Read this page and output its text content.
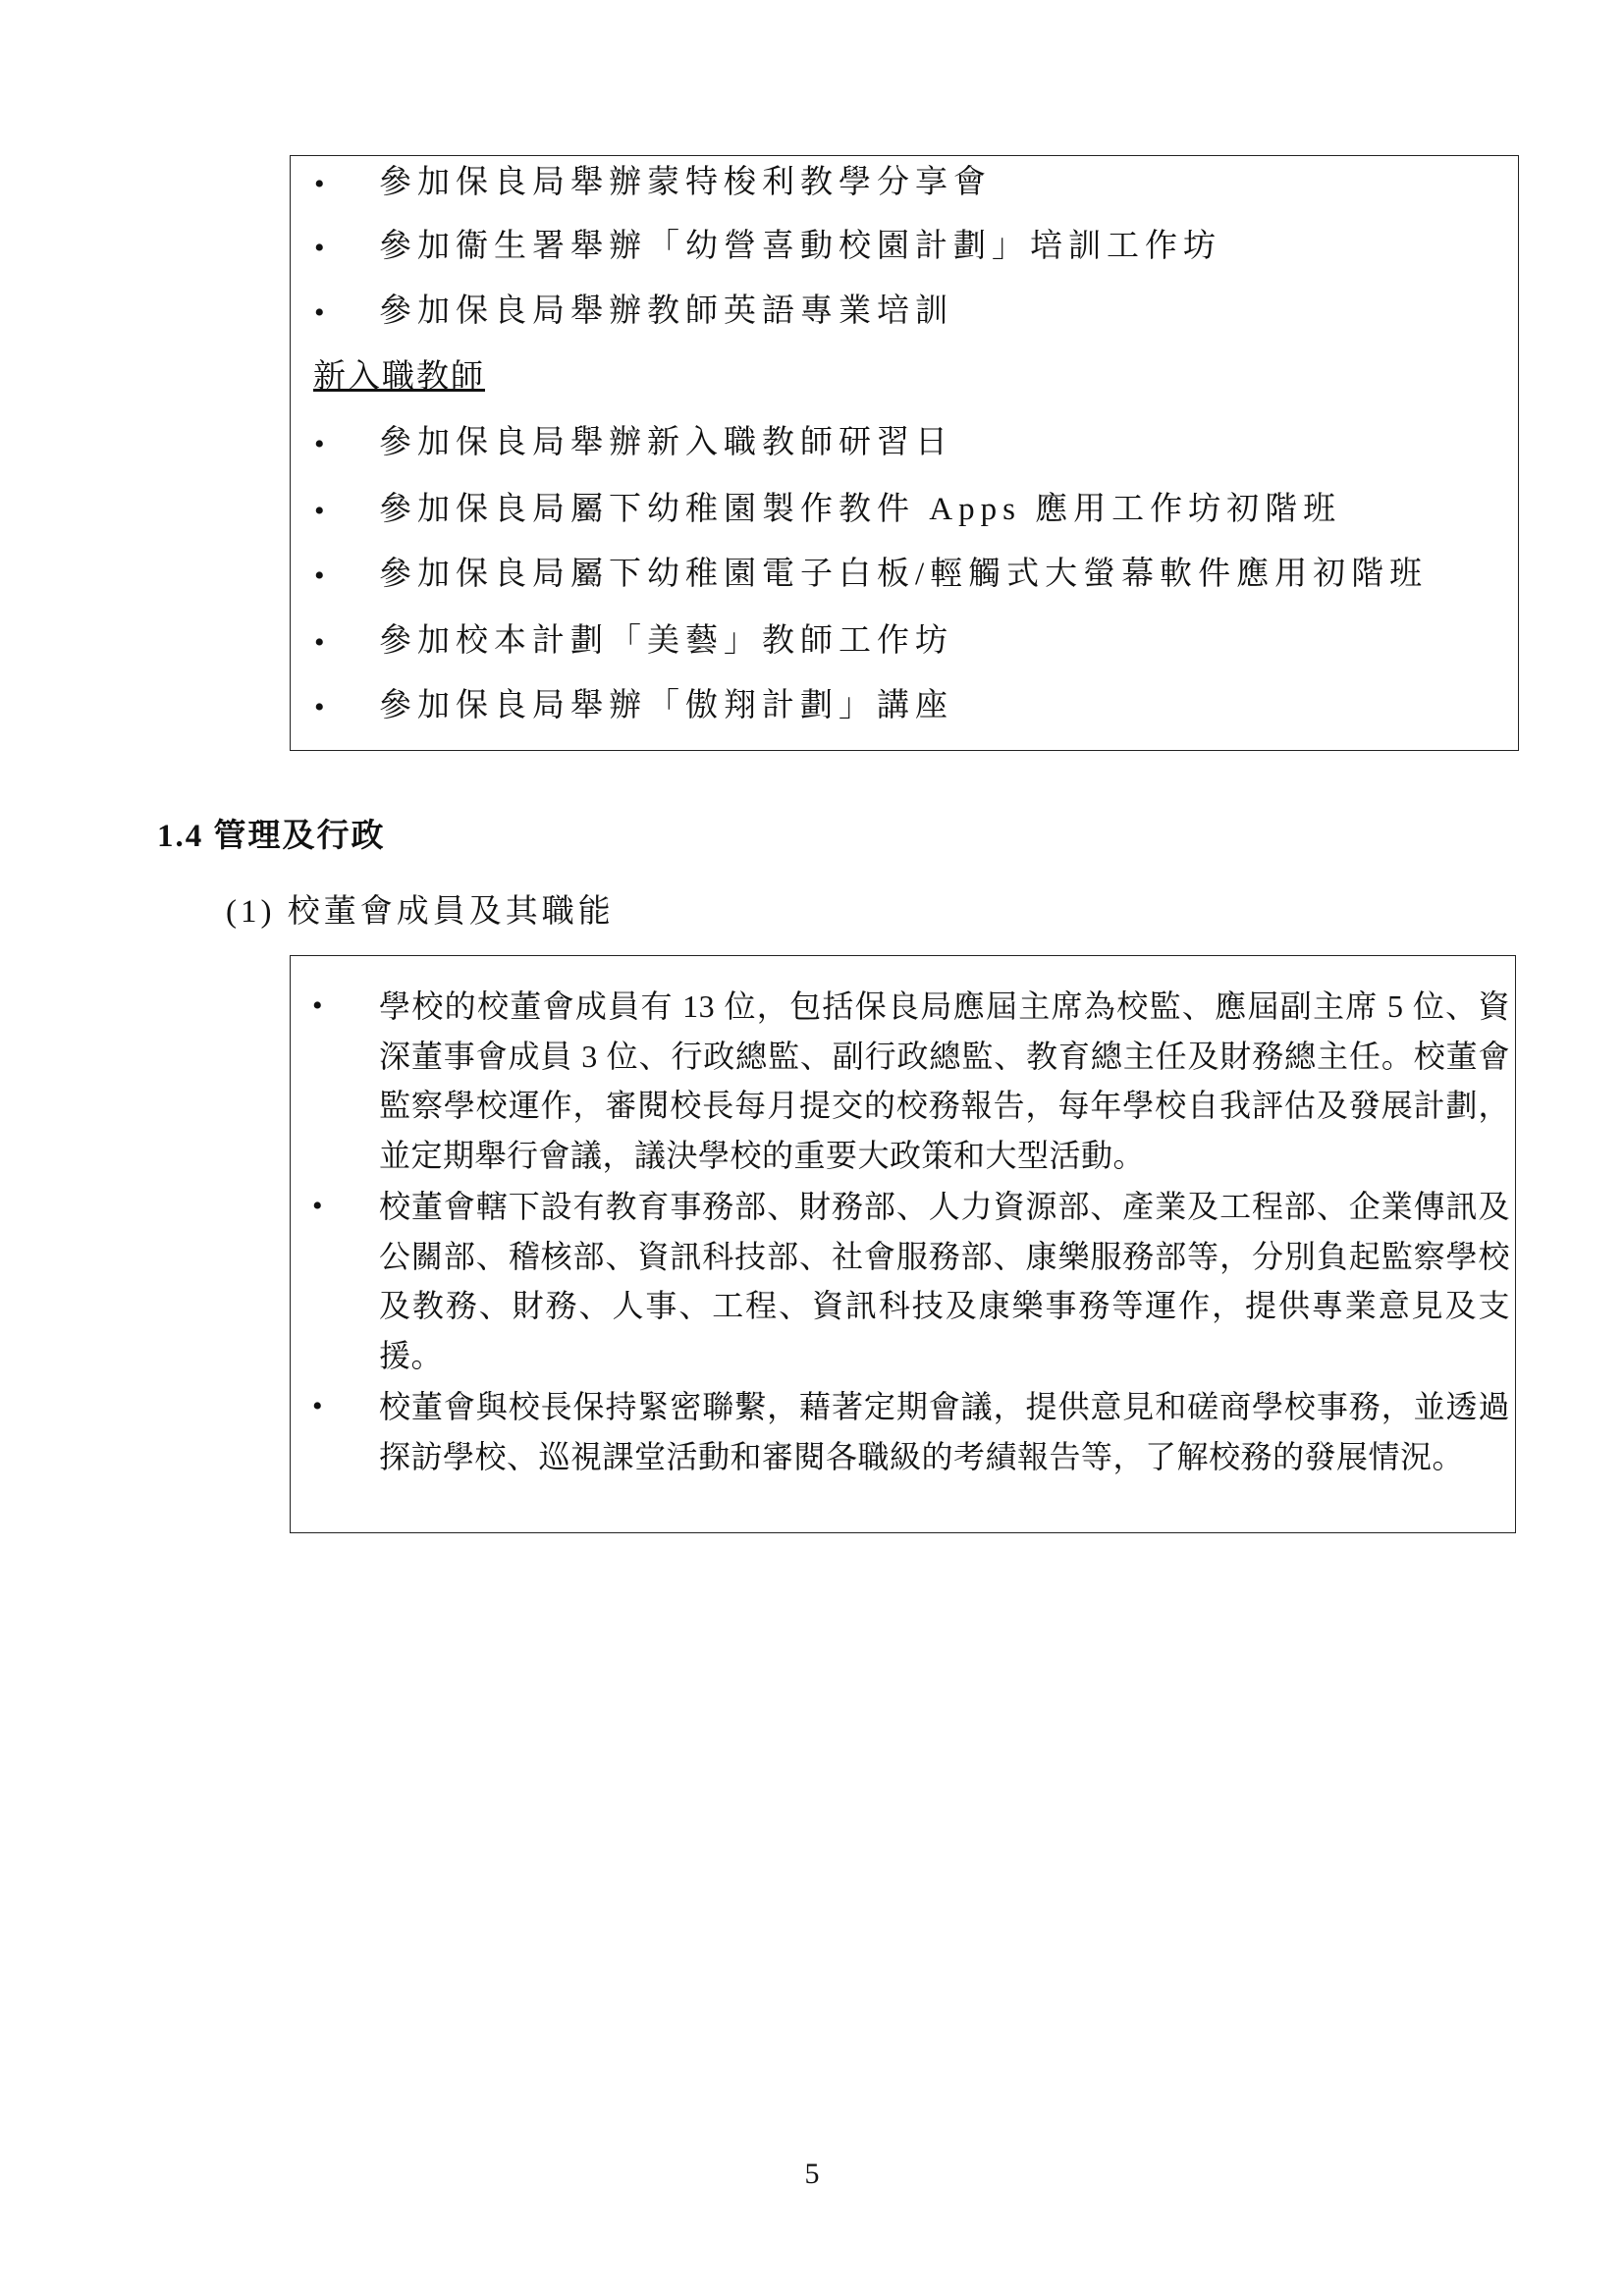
• 參加保良局舉辦蒙特梭利教學分享會
• 參加衞生署舉辦「幼營喜動校園計劃」培訓工作坊
• 參加保良局舉辦教師英語專業培訓
新入職教師
• 參加保良局舉辦新入職教師研習日
• 參加保良局屬下幼稚園製作教件 Apps 應用工作坊初階班
• 參加保良局屬下幼稚園電子白板/輕觸式大螢幕軟件應用初階班
• 參加校本計劃「美藝」教師工作坊
• 參加保良局舉辦「傲翔計劃」講座
1.4 管理及行政
(1) 校董會成員及其職能
• 學校的校董會成員有 13 位，包括保良局應屆主席為校監、應屆副主席 5 位、資深董事會成員 3 位、行政總監、副行政總監、教育總主任及財務總主任。校董會監察學校運作，審閱校長每月提交的校務報告，每年學校自我評估及發展計劃，並定期舉行會議，議決學校的重要大政策和大型活動。
• 校董會轄下設有教育事務部、財務部、人力資源部、產業及工程部、企業傳訊及公關部、稽核部、資訊科技部、社會服務部、康樂服務部等，分別負起監察學校及教務、財務、人事、工程、資訊科技及康樂事務等運作，提供專業意見及支援。
• 校董會與校長保持緊密聯繫，藉著定期會議，提供意見和磋商學校事務，並透過探訪學校、巡視課堂活動和審閱各職級的考績報告等，了解校務的發展情況。
5
